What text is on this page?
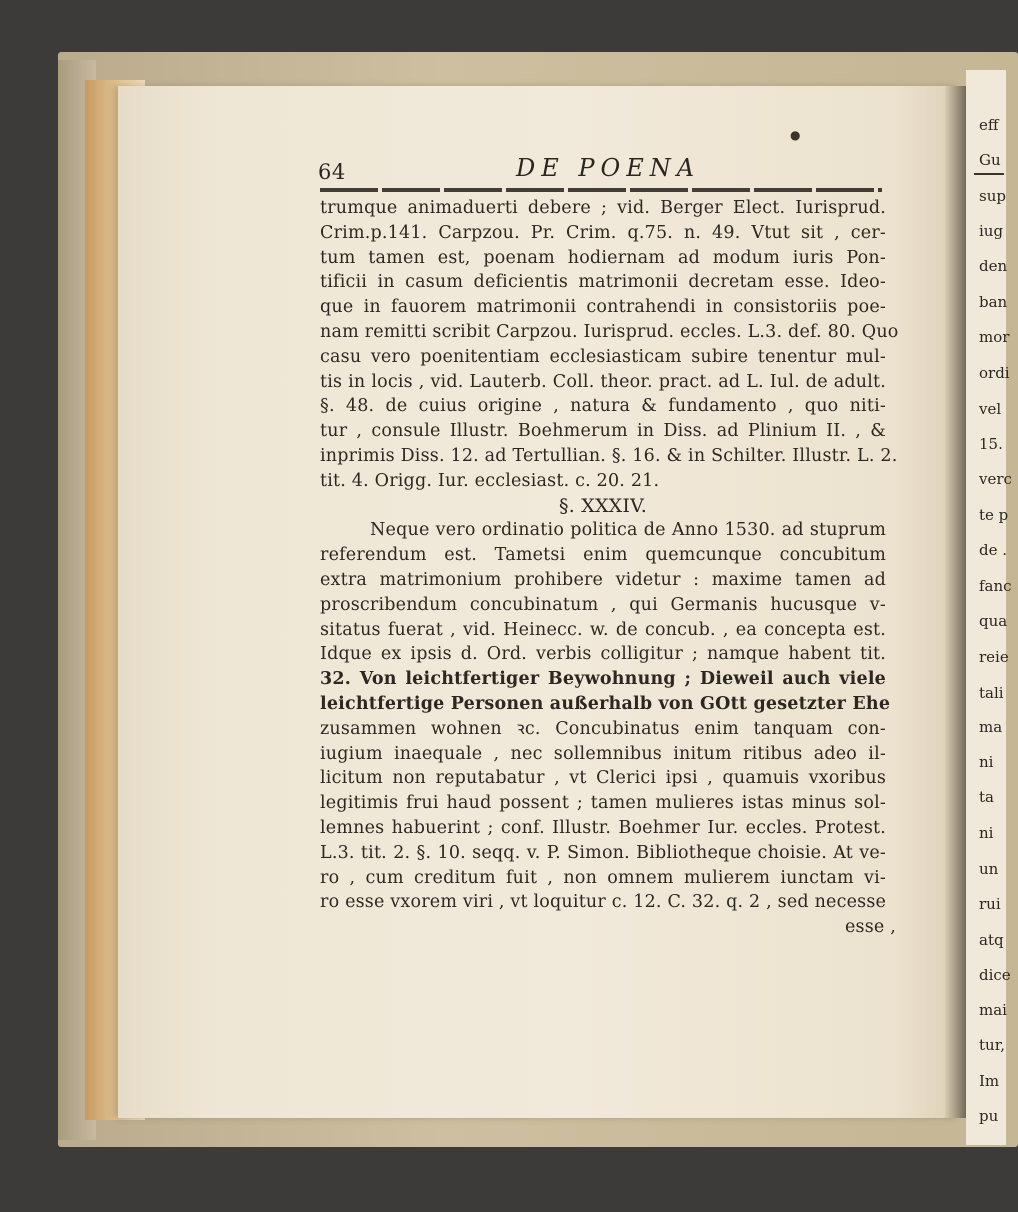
eff
Gu
sup
iug
den
ban
mor
ordi
vel
15.
verc
te p
de .
fanc
qua
reie
tali
ma
ni
ta
ni
un
rui
atq
dice
mai
tur,
Im
pu
●
64	DE POENA
trumque animaduerti debere ; vid. Berger Elect. Iurisprud.
Crim.p.141. Carpzou. Pr. Crim. q.75. n. 49. Vtut sit , cer-
tum tamen est, poenam hodiernam ad modum iuris Pon-
tificii in casum deficientis matrimonii decretam esse. Ideo-
que in fauorem matrimonii contrahendi in consistoriis poe-
nam remitti scribit Carpzou. Iurisprud. eccles. L.3. def. 80. Quo
casu vero poenitentiam ecclesiasticam subire tenentur mul-
tis in locis , vid. Lauterb. Coll. theor. pract. ad L. Iul. de adult.
§. 48. de cuius origine , natura & fundamento , quo niti-
tur , consule Illustr. Boehmerum in Diss. ad Plinium II. , &
inprimis Diss. 12. ad Tertullian. §. 16. & in Schilter. Illustr. L. 2.
tit. 4. Origg. Iur. ecclesiast. c. 20. 21.
§. XXXIV.
Neque vero ordinatio politica de Anno 1530. ad stuprum
referendum est. Tametsi enim quemcunque concubitum
extra matrimonium prohibere videtur : maxime tamen ad
proscribendum concubinatum , qui Germanis hucusque v-
sitatus fuerat , vid. Heinecc. w. de concub. , ea concepta est.
Idque ex ipsis d. Ord. verbis colligitur ; namque habent tit.
32. Von leichtfertiger Beywohnung ; Dieweil auch viele
leichtfertige Personen außerhalb von GOtt gesetzter Ehe
zusammen wohnen ꝛc. Concubinatus enim tanquam con-
iugium inaequale , nec sollemnibus initum ritibus adeo il-
licitum non reputabatur , vt Clerici ipsi , quamuis vxoribus
legitimis frui haud possent ; tamen mulieres istas minus sol-
lemnes habuerint ; conf. Illustr. Boehmer Iur. eccles. Protest.
L.3. tit. 2. §. 10. seqq. v. P. Simon. Bibliotheque choisie. At ve-
ro , cum creditum fuit , non omnem mulierem iunctam vi-
ro esse vxorem viri , vt loquitur c. 12. C. 32. q. 2 , sed necesse
esse ,
